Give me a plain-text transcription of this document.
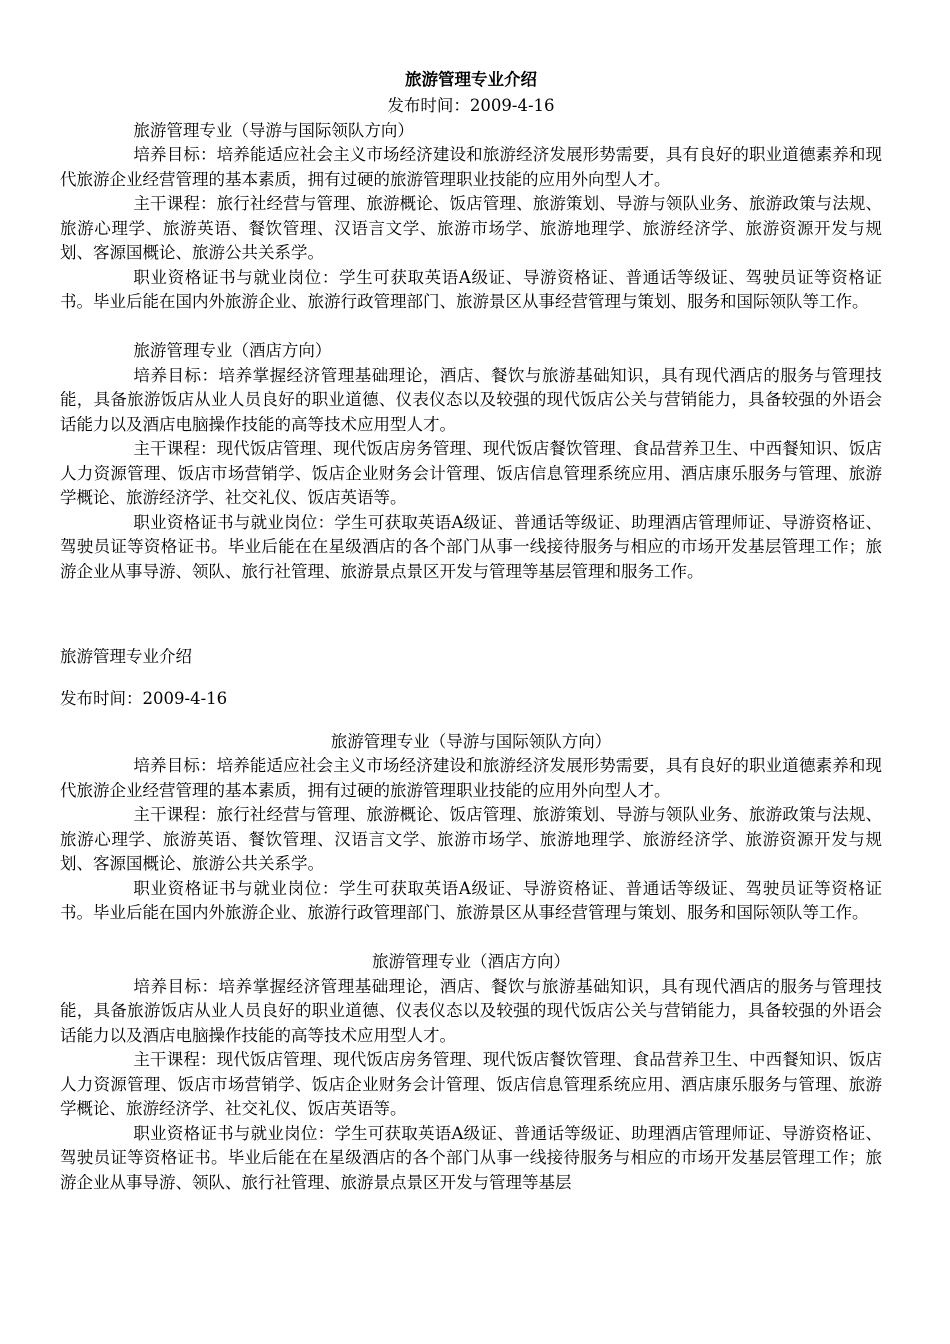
旅游管理专业介绍
发布时间：2009-4-16

旅游管理专业（导游与国际领队方向）

培养目标：培养能适应社会主义市场经济建设和旅游经济发展形势需要，具有良好的职业道德素养和现代旅游企业经营管理的基本素质，拥有过硬的旅游管理职业技能的应用外向型人才。

主干课程：旅行社经营与管理、旅游概论、饭店管理、旅游策划、导游与领队业务、旅游政策与法规、旅游心理学、旅游英语、餐饮管理、汉语言文学、旅游市场学、旅游地理学、旅游经济学、旅游资源开发与规划、客源国概论、旅游公共关系学。

职业资格证书与就业岗位：学生可获取英语A级证、导游资格证、普通话等级证、驾驶员证等资格证书。毕业后能在国内外旅游企业、旅游行政管理部门、旅游景区从事经营管理与策划、服务和国际领队等工作。

旅游管理专业（酒店方向）

培养目标：培养掌握经济管理基础理论，酒店、餐饮与旅游基础知识，具有现代酒店的服务与管理技能，具备旅游饭店从业人员良好的职业道德、仪表仪态以及较强的现代饭店公关与营销能力，具备较强的外语会话能力以及酒店电脑操作技能的高等技术应用型人才。

主干课程：现代饭店管理、现代饭店房务管理、现代饭店餐饮管理、食品营养卫生、中西餐知识、饭店人力资源管理、饭店市场营销学、饭店企业财务会计管理、饭店信息管理系统应用、酒店康乐服务与管理、旅游学概论、旅游经济学、社交礼仪、饭店英语等。

职业资格证书与就业岗位：学生可获取英语A级证、普通话等级证、助理酒店管理师证、导游资格证、驾驶员证等资格证书。毕业后能在在星级酒店的各个部门从事一线接待服务与相应的市场开发基层管理工作；旅游企业从事导游、领队、旅行社管理、旅游景点景区开发与管理等基层管理和服务工作。

旅游管理专业介绍

发布时间：2009-4-16

旅游管理专业（导游与国际领队方向）

培养目标：培养能适应社会主义市场经济建设和旅游经济发展形势需要，具有良好的职业道德素养和现代旅游企业经营管理的基本素质，拥有过硬的旅游管理职业技能的应用外向型人才。

主干课程：旅行社经营与管理、旅游概论、饭店管理、旅游策划、导游与领队业务、旅游政策与法规、旅游心理学、旅游英语、餐饮管理、汉语言文学、旅游市场学、旅游地理学、旅游经济学、旅游资源开发与规划、客源国概论、旅游公共关系学。

职业资格证书与就业岗位：学生可获取英语A级证、导游资格证、普通话等级证、驾驶员证等资格证书。毕业后能在国内外旅游企业、旅游行政管理部门、旅游景区从事经营管理与策划、服务和国际领队等工作。

旅游管理专业（酒店方向）

培养目标：培养掌握经济管理基础理论，酒店、餐饮与旅游基础知识，具有现代酒店的服务与管理技能，具备旅游饭店从业人员良好的职业道德、仪表仪态以及较强的现代饭店公关与营销能力，具备较强的外语会话能力以及酒店电脑操作技能的高等技术应用型人才。

主干课程：现代饭店管理、现代饭店房务管理、现代饭店餐饮管理、食品营养卫生、中西餐知识、饭店人力资源管理、饭店市场营销学、饭店企业财务会计管理、饭店信息管理系统应用、酒店康乐服务与管理、旅游学概论、旅游经济学、社交礼仪、饭店英语等。

职业资格证书与就业岗位：学生可获取英语A级证、普通话等级证、助理酒店管理师证、导游资格证、驾驶员证等资格证书。毕业后能在在星级酒店的各个部门从事一线接待服务与相应的市场开发基层管理工作；旅游企业从事导游、领队、旅行社管理、旅游景点景区开发与管理等基层
